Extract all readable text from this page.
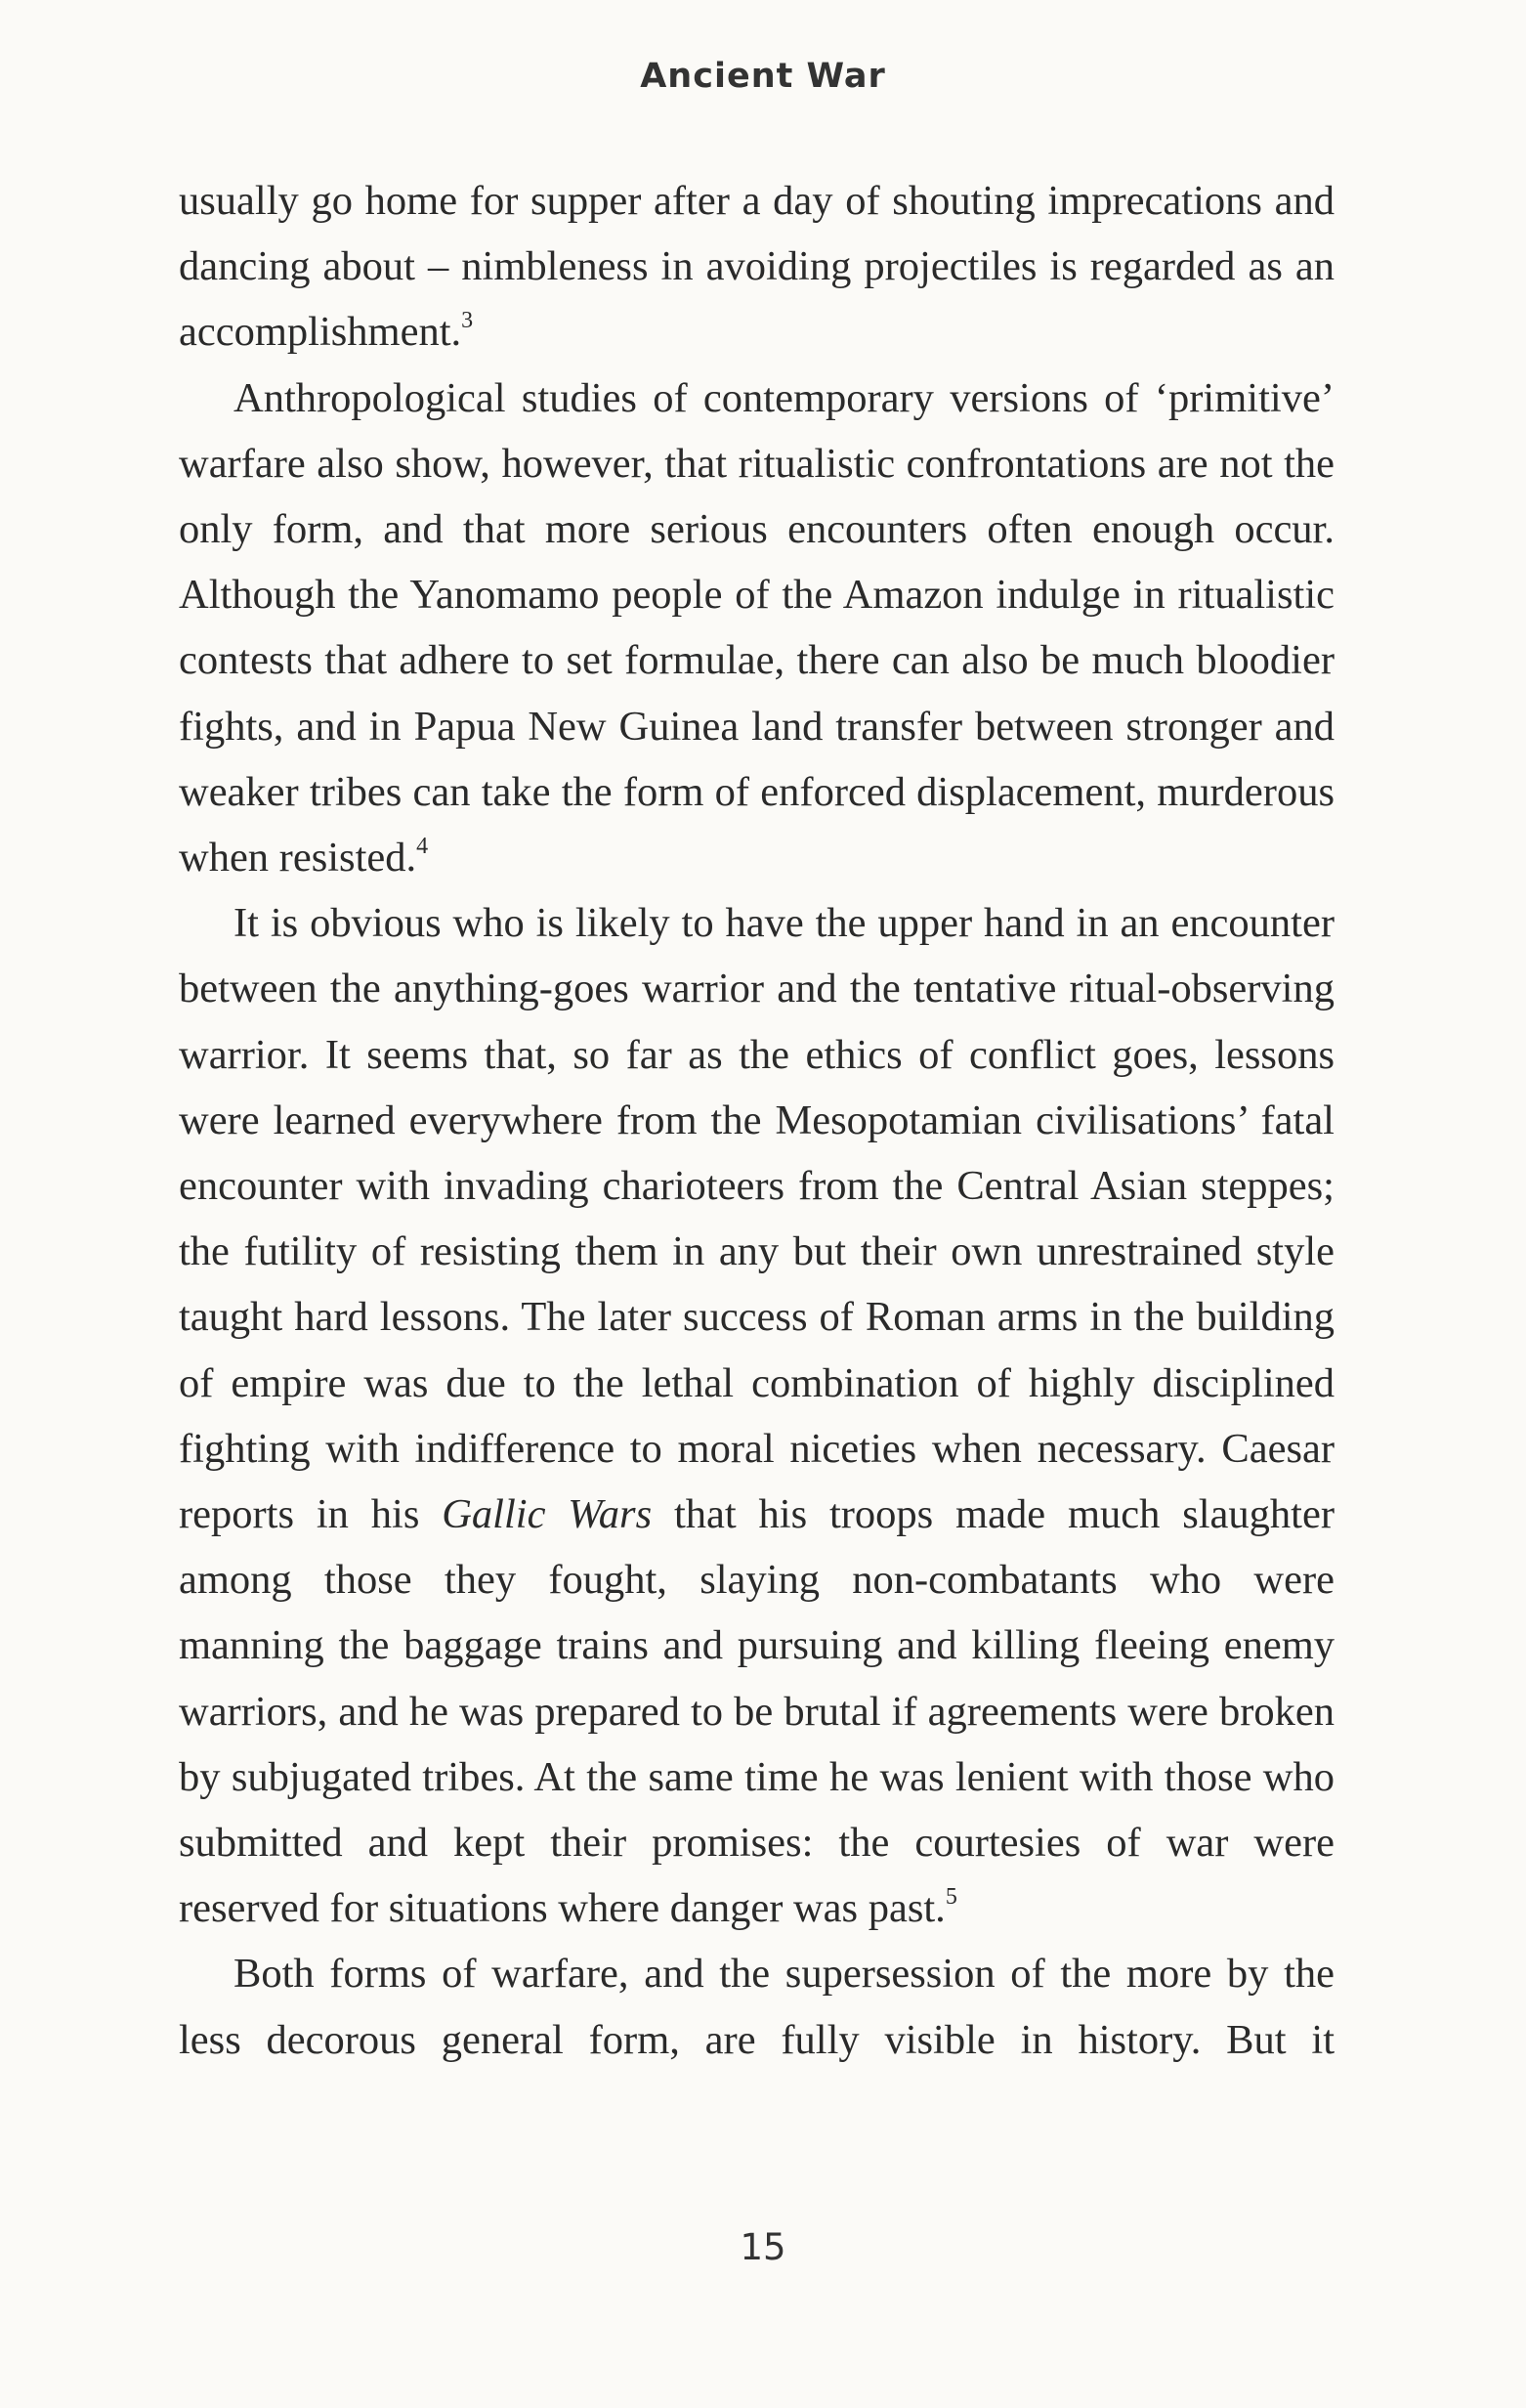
Ancient War

usually go home for supper after a day of shouting imprecations and dancing about – nimbleness in avoiding projectiles is regarded as an accomplishment.$^3$

Anthropological studies of contemporary versions of ‘primitive’ warfare also show, however, that ritualistic confrontations are not the only form, and that more serious encounters often enough occur. Although the Yanomamo people of the Amazon indulge in ritualistic contests that adhere to set formulae, there can also be much bloodier fights, and in Papua New Guinea land transfer between stronger and weaker tribes can take the form of enforced displacement, murderous when resisted.$^4$

It is obvious who is likely to have the upper hand in an encounter between the anything-goes warrior and the tentative ritual-observing warrior. It seems that, so far as the ethics of conflict goes, lessons were learned everywhere from the Mesopotamian civilisations’ fatal encounter with invading charioteers from the Central Asian steppes; the futility of resisting them in any but their own unrestrained style taught hard lessons. The later success of Roman arms in the building of empire was due to the lethal combination of highly disciplined fighting with indifference to moral niceties when necessary. Caesar reports in his Gallic Wars that his troops made much slaughter among those they fought, slaying non-combatants who were manning the baggage trains and pursuing and killing fleeing enemy warriors, and he was prepared to be brutal if agreements were broken by subjugated tribes. At the same time he was lenient with those who submitted and kept their promises: the courtesies of war were reserved for situations where danger was past.$^5$

Both forms of warfare, and the supersession of the more by the less decorous general form, are fully visible in history. But it

15
